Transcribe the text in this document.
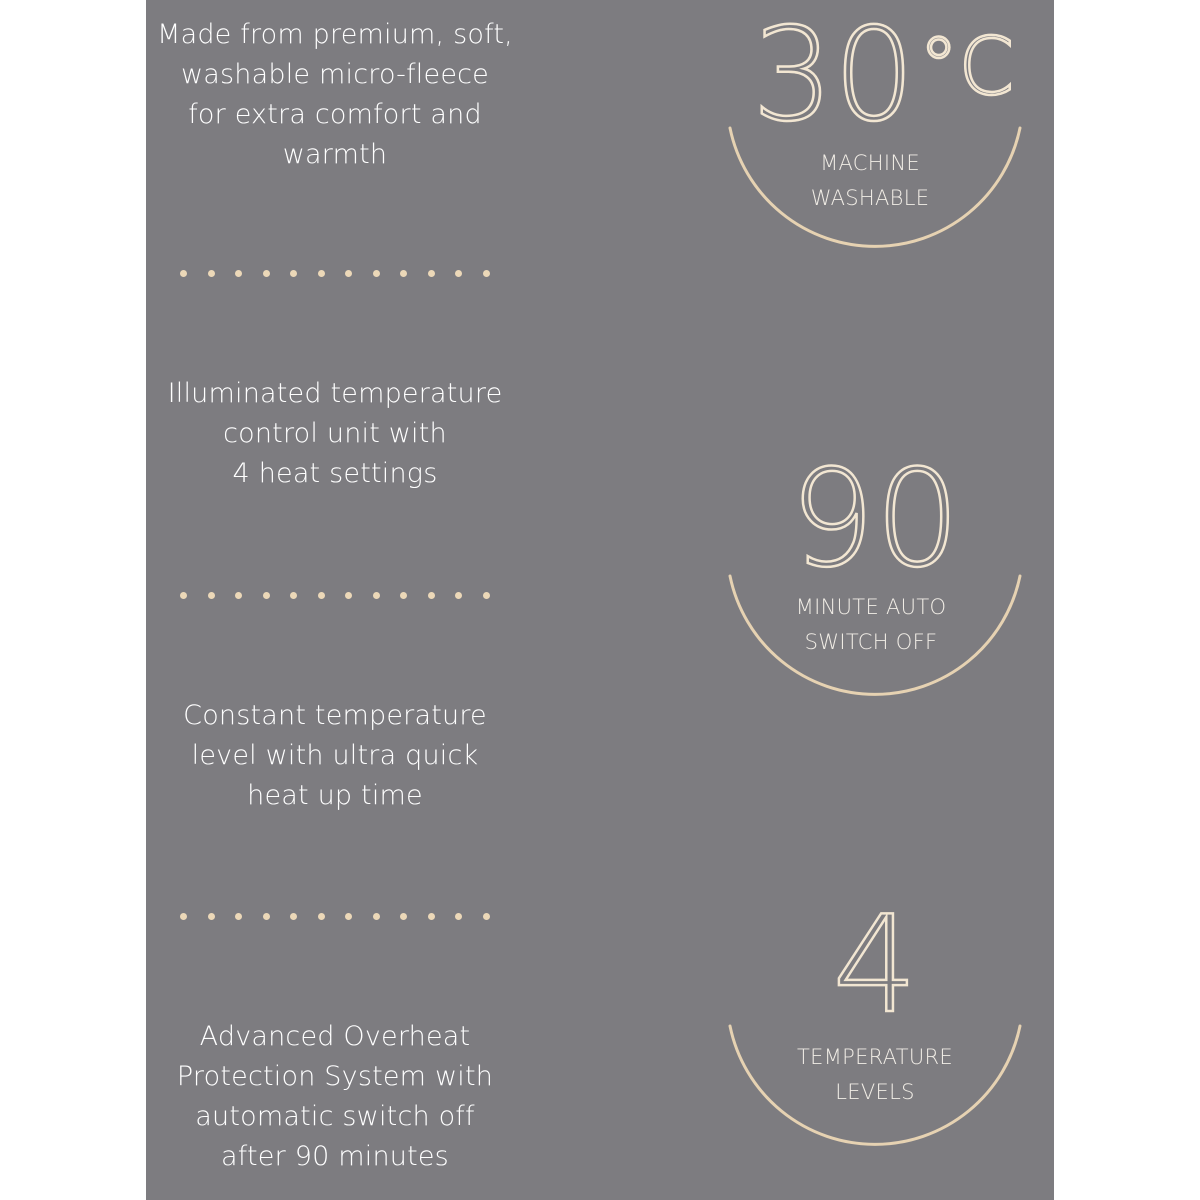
Made from premium, soft,
washable micro-fleece
for extra comfort and
warmth
Illuminated temperature
control unit with
4 heat settings
Constant temperature
level with ultra quick
heat up time
Advanced Overheat
Protection System with
automatic switch off
after 90 minutes
30°C
MACHINE
WASHABLE
90
MINUTE AUTO
SWITCH OFF
4
TEMPERATURE
LEVELS
